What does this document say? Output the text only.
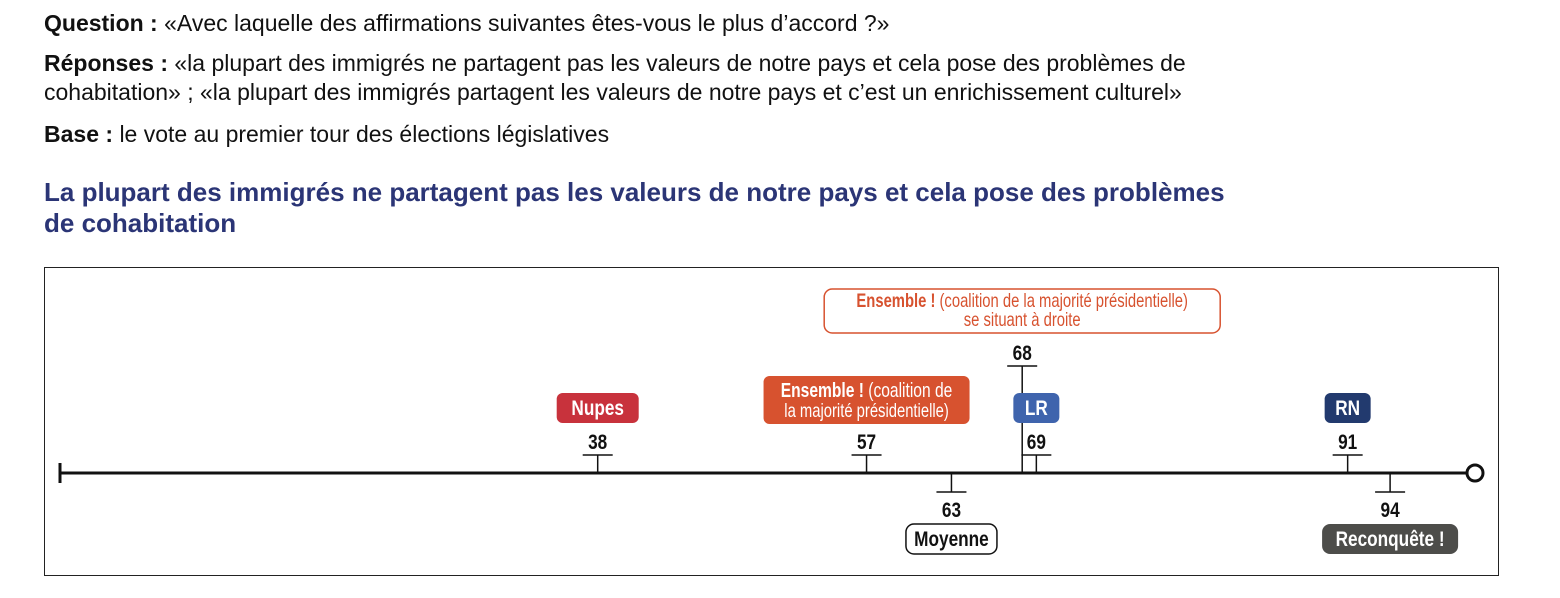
Question : «Avec laquelle des affirmations suivantes êtes-vous le plus d’accord ?»
Réponses : «la plupart des immigrés ne partagent pas les valeurs de notre pays et cela pose des problèmes de
cohabitation» ; «la plupart des immigrés partagent les valeurs de notre pays et c’est un enrichissement culturel»
Base : le vote au premier tour des élections législatives
La plupart des immigrés ne partagent pas les valeurs de notre pays et cela pose des problèmes
de cohabitation
38
Nupes
57
Ensemble ! (coalition de
la majorité présidentielle)
68
Ensemble ! (coalition de la majorité présidentielle)
se situant à droite
69
LR
91
RN
63
Moyenne
94
Reconquête !
